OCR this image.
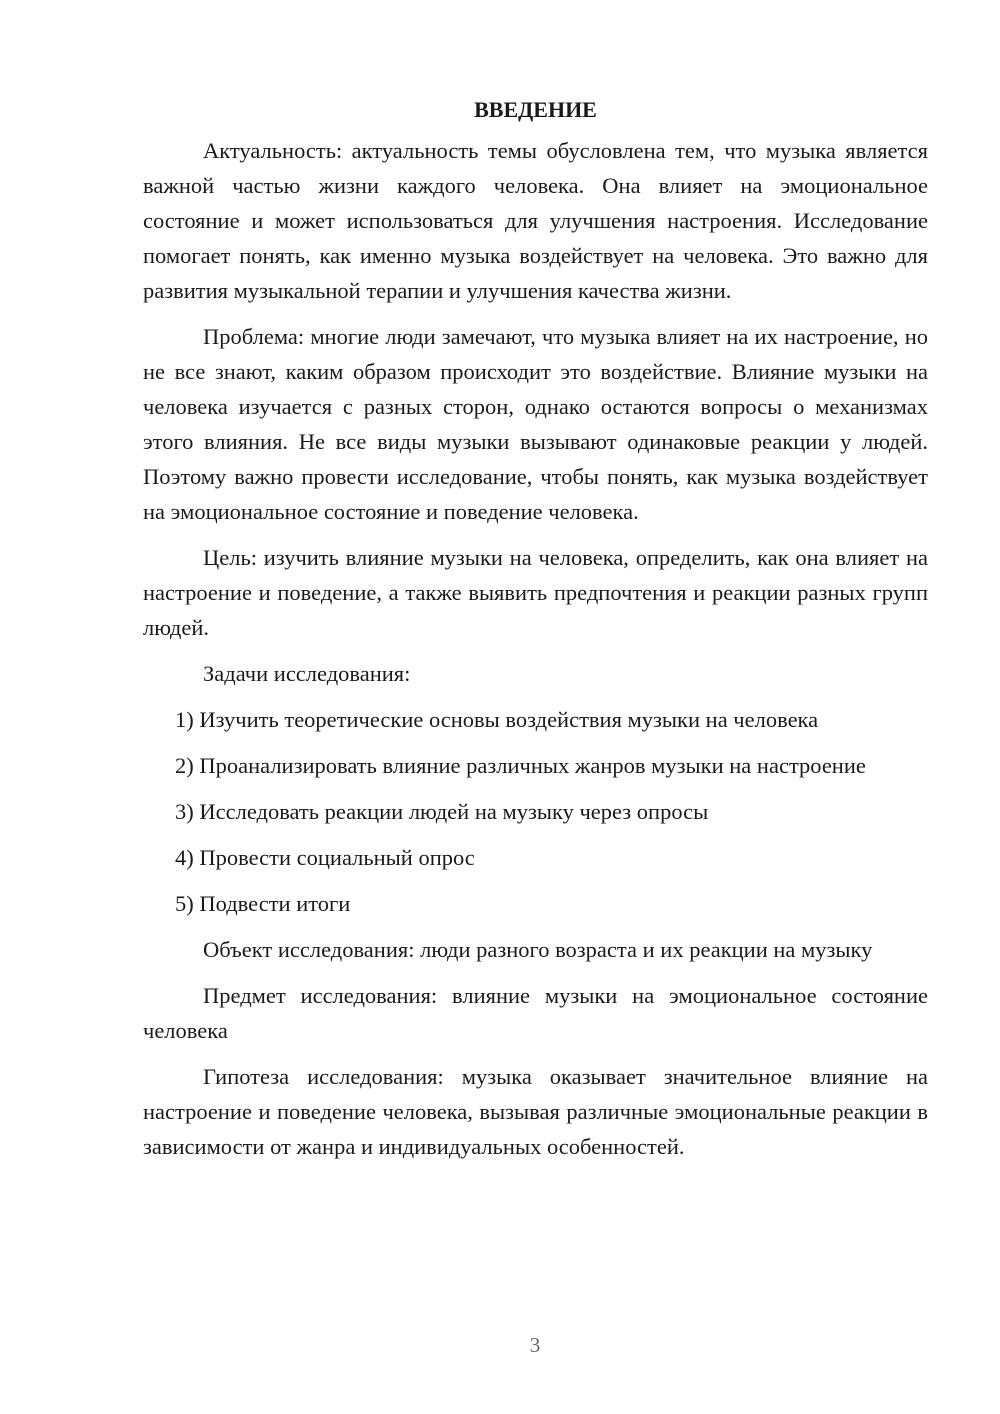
ВВЕДЕНИЕ

Актуальность: актуальность темы обусловлена тем, что музыка является важной частью жизни каждого человека. Она влияет на эмоциональное состояние и может использоваться для улучшения настроения. Исследование помогает понять, как именно музыка воздействует на человека. Это важно для развития музыкальной терапии и улучшения качества жизни.

Проблема: многие люди замечают, что музыка влияет на их настроение, но не все знают, каким образом происходит это воздействие. Влияние музыки на человека изучается с разных сторон, однако остаются вопросы о механизмах этого влияния. Не все виды музыки вызывают одинаковые реакции у людей. Поэтому важно провести исследование, чтобы понять, как музыка воздействует на эмоциональное состояние и поведение человека.

Цель: изучить влияние музыки на человека, определить, как она влияет на настроение и поведение, а также выявить предпочтения и реакции разных групп людей.

Задачи исследования:

1) Изучить теоретические основы воздействия музыки на человека

2) Проанализировать влияние различных жанров музыки на настроение

3) Исследовать реакции людей на музыку через опросы

4) Провести социальный опрос

5) Подвести итоги

Объект исследования: люди разного возраста и их реакции на музыку

Предмет исследования: влияние музыки на эмоциональное состояние человека

Гипотеза исследования: музыка оказывает значительное влияние на настроение и поведение человека, вызывая различные эмоциональные реакции в зависимости от жанра и индивидуальных особенностей.

3
